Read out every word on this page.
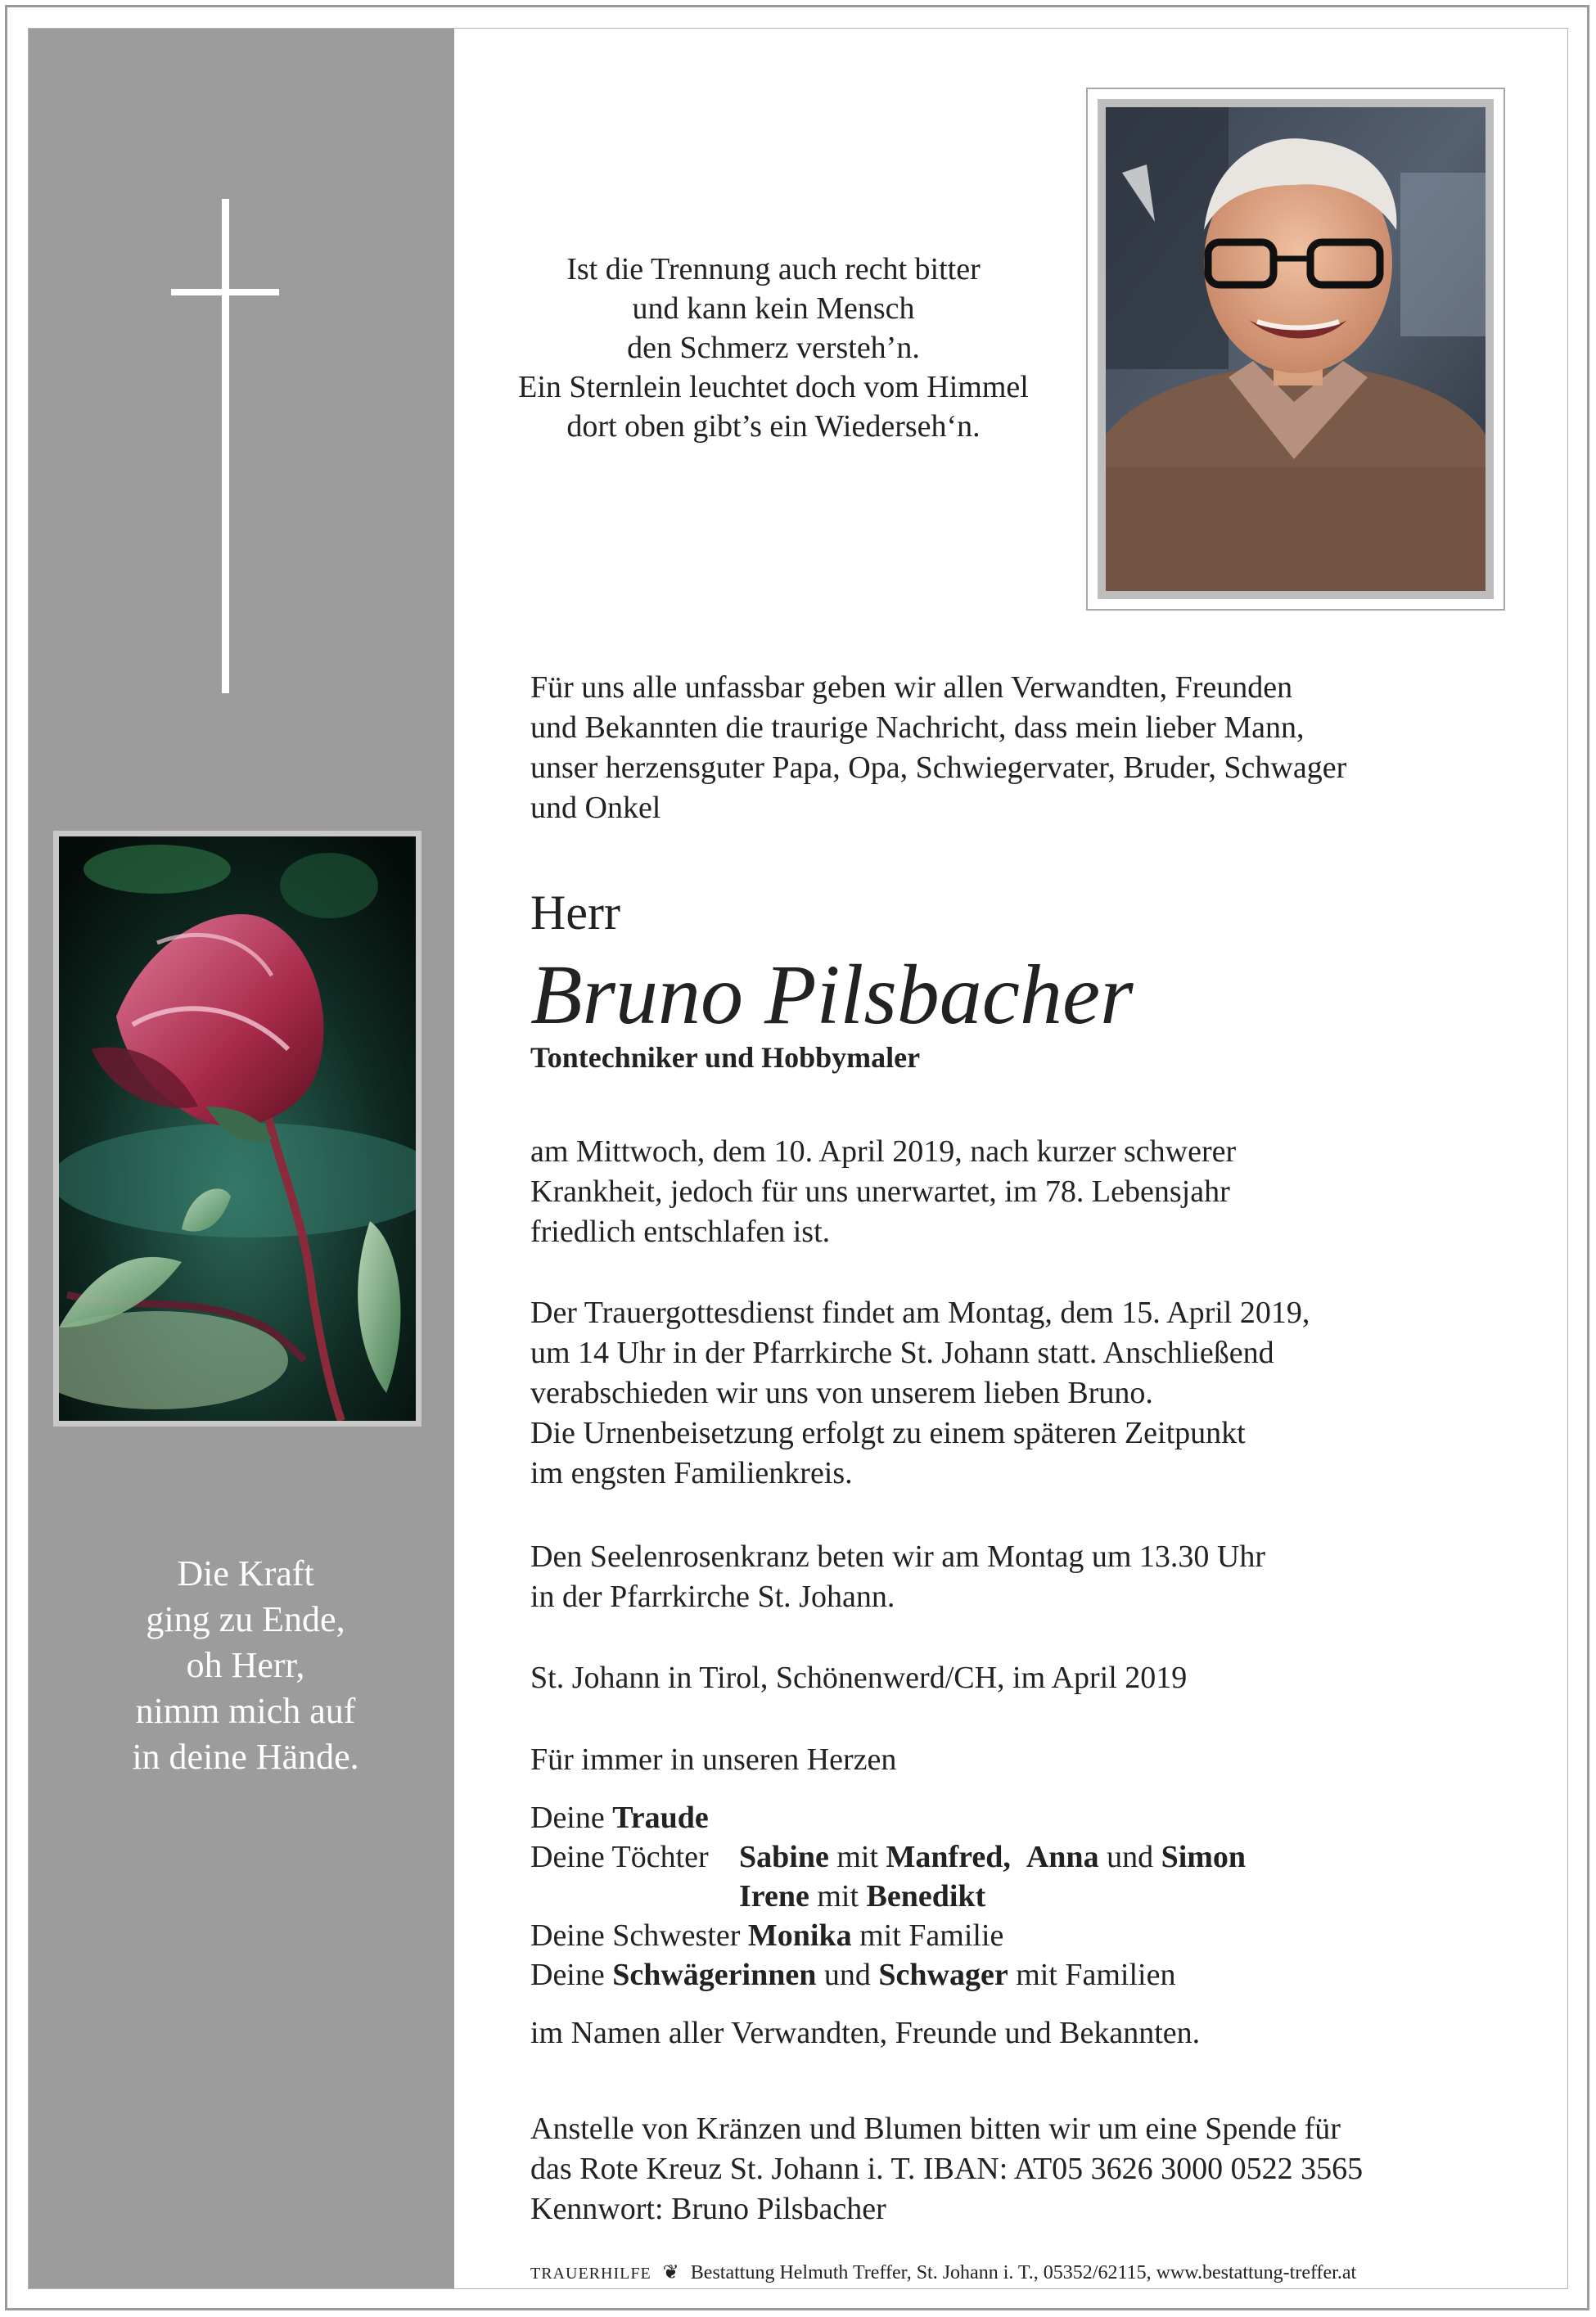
Die Kraft
ging zu Ende,
oh Herr,
nimm mich auf
in deine Hände.
Ist die Trennung auch recht bitter
und kann kein Mensch
den Schmerz versteh’n.
Ein Sternlein leuchtet doch vom Himmel
dort oben gibt’s ein Wiederseh‘n.
Für uns alle unfassbar geben wir allen Verwandten, Freunden
und Bekannten die traurige Nachricht, dass mein lieber Mann,
unser herzensguter Papa, Opa, Schwiegervater, Bruder, Schwager
und Onkel
Herr
Bruno Pilsbacher
Tontechniker und Hobbymaler
am Mittwoch, dem 10. April 2019, nach kurzer schwerer
Krankheit, jedoch für uns unerwartet, im 78. Lebensjahr
friedlich entschlafen ist.
Der Trauergottesdienst findet am Montag, dem 15. April 2019,
um 14 Uhr in der Pfarrkirche St. Johann statt. Anschließend
verabschieden wir uns von unserem lieben Bruno.
Die Urnenbeisetzung erfolgt zu einem späteren Zeitpunkt
im engsten Familienkreis.
Den Seelenrosenkranz beten wir am Montag um 13.30 Uhr
in der Pfarrkirche St. Johann.
St. Johann in Tirol, Schönenwerd/CH, im April 2019
Für immer in unseren Herzen
Deine Traude
Deine Töchter Sabine mit Manfred, Anna und Simon
Irene mit Benedikt
Deine Schwester Monika mit Familie
Deine Schwägerinnen und Schwager mit Familien
im Namen aller Verwandten, Freunde und Bekannten.
Anstelle von Kränzen und Blumen bitten wir um eine Spende für
das Rote Kreuz St. Johann i. T. IBAN: AT05 3626 3000 0522 3565
Kennwort: Bruno Pilsbacher
TRAUERHILFE ❦ Bestattung Helmuth Treffer, St. Johann i. T., 05352/62115, www.bestattung-treffer.at
